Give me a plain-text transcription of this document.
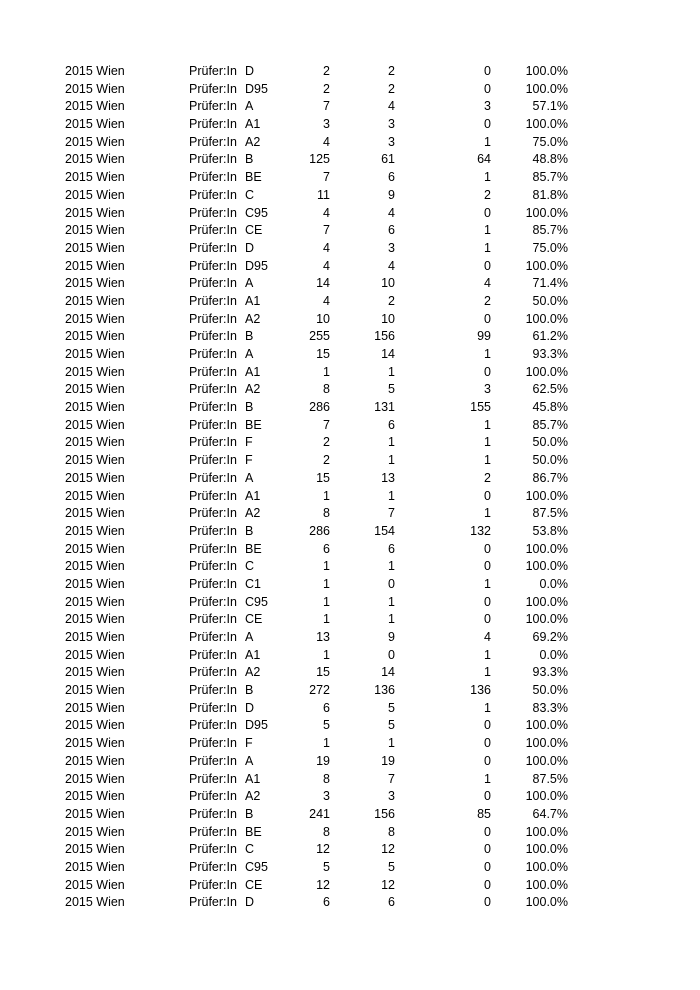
2015 Wien	Prüfer:In D	2	2	0	100.0%
2015 Wien	Prüfer:In D95	2	2	0	100.0%
2015 Wien	Prüfer:In A	7	4	3	57.1%
2015 Wien	Prüfer:In A1	3	3	0	100.0%
2015 Wien	Prüfer:In A2	4	3	1	75.0%
2015 Wien	Prüfer:In B	125	61	64	48.8%
2015 Wien	Prüfer:In BE	7	6	1	85.7%
2015 Wien	Prüfer:In C	11	9	2	81.8%
2015 Wien	Prüfer:In C95	4	4	0	100.0%
2015 Wien	Prüfer:In CE	7	6	1	85.7%
2015 Wien	Prüfer:In D	4	3	1	75.0%
2015 Wien	Prüfer:In D95	4	4	0	100.0%
2015 Wien	Prüfer:In A	14	10	4	71.4%
2015 Wien	Prüfer:In A1	4	2	2	50.0%
2015 Wien	Prüfer:In A2	10	10	0	100.0%
2015 Wien	Prüfer:In B	255	156	99	61.2%
2015 Wien	Prüfer:In A	15	14	1	93.3%
2015 Wien	Prüfer:In A1	1	1	0	100.0%
2015 Wien	Prüfer:In A2	8	5	3	62.5%
2015 Wien	Prüfer:In B	286	131	155	45.8%
2015 Wien	Prüfer:In BE	7	6	1	85.7%
2015 Wien	Prüfer:In F	2	1	1	50.0%
2015 Wien	Prüfer:In F	2	1	1	50.0%
2015 Wien	Prüfer:In A	15	13	2	86.7%
2015 Wien	Prüfer:In A1	1	1	0	100.0%
2015 Wien	Prüfer:In A2	8	7	1	87.5%
2015 Wien	Prüfer:In B	286	154	132	53.8%
2015 Wien	Prüfer:In BE	6	6	0	100.0%
2015 Wien	Prüfer:In C	1	1	0	100.0%
2015 Wien	Prüfer:In C1	1	0	1	0.0%
2015 Wien	Prüfer:In C95	1	1	0	100.0%
2015 Wien	Prüfer:In CE	1	1	0	100.0%
2015 Wien	Prüfer:In A	13	9	4	69.2%
2015 Wien	Prüfer:In A1	1	0	1	0.0%
2015 Wien	Prüfer:In A2	15	14	1	93.3%
2015 Wien	Prüfer:In B	272	136	136	50.0%
2015 Wien	Prüfer:In D	6	5	1	83.3%
2015 Wien	Prüfer:In D95	5	5	0	100.0%
2015 Wien	Prüfer:In F	1	1	0	100.0%
2015 Wien	Prüfer:In A	19	19	0	100.0%
2015 Wien	Prüfer:In A1	8	7	1	87.5%
2015 Wien	Prüfer:In A2	3	3	0	100.0%
2015 Wien	Prüfer:In B	241	156	85	64.7%
2015 Wien	Prüfer:In BE	8	8	0	100.0%
2015 Wien	Prüfer:In C	12	12	0	100.0%
2015 Wien	Prüfer:In C95	5	5	0	100.0%
2015 Wien	Prüfer:In CE	12	12	0	100.0%
2015 Wien	Prüfer:In D	6	6	0	100.0%
